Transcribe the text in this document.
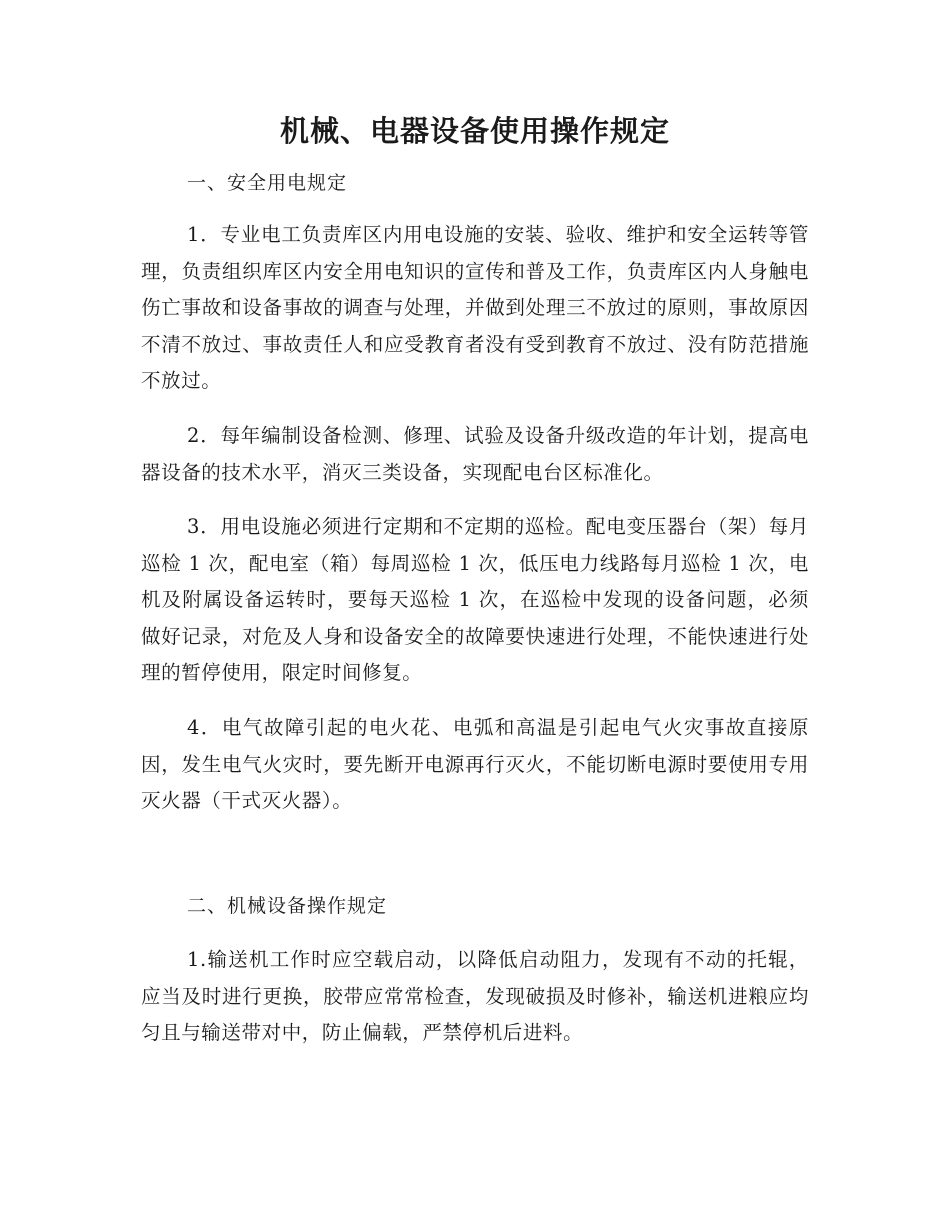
机械、电器设备使用操作规定

一、安全用电规定

1．专业电工负责库区内用电设施的安装、验收、维护和安全运转等管理，负责组织库区内安全用电知识的宣传和普及工作，负责库区内人身触电伤亡事故和设备事故的调查与处理，并做到处理三不放过的原则，事故原因不清不放过、事故责任人和应受教育者没有受到教育不放过、没有防范措施不放过。

2．每年编制设备检测、修理、试验及设备升级改造的年计划，提高电器设备的技术水平，消灭三类设备，实现配电台区标准化。

3．用电设施必须进行定期和不定期的巡检。配电变压器台（架）每月巡检 1 次，配电室（箱）每周巡检 1 次，低压电力线路每月巡检 1 次，电机及附属设备运转时，要每天巡检 1 次，在巡检中发现的设备问题，必须做好记录，对危及人身和设备安全的故障要快速进行处理，不能快速进行处理的暂停使用，限定时间修复。

4．电气故障引起的电火花、电弧和高温是引起电气火灾事故直接原因，发生电气火灾时，要先断开电源再行灭火，不能切断电源时要使用专用灭火器（干式灭火器）。

二、机械设备操作规定

1.输送机工作时应空载启动，以降低启动阻力，发现有不动的托辊，应当及时进行更换，胶带应常常检查，发现破损及时修补，输送机进粮应均匀且与输送带对中，防止偏载，严禁停机后进料。
